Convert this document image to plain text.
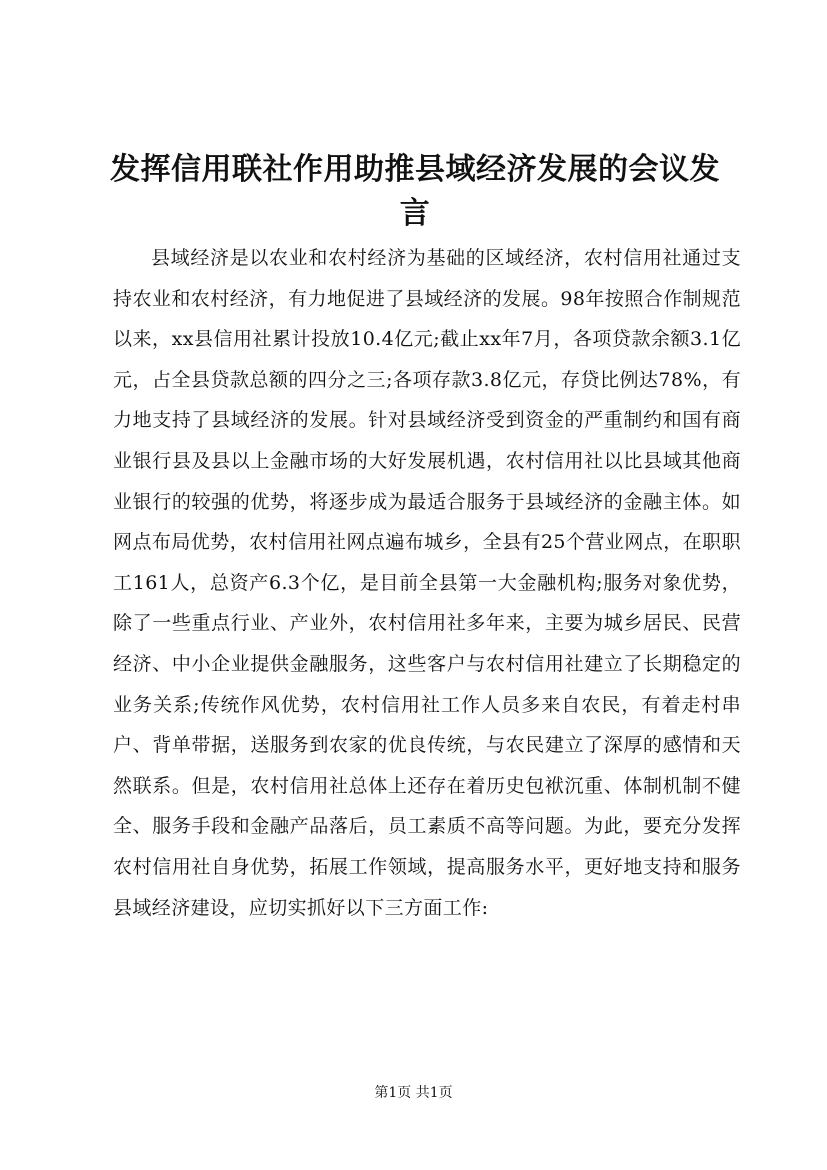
发挥信用联社作用助推县域经济发展的会议发言

县域经济是以农业和农村经济为基础的区域经济，农村信用社通过支持农业和农村经济，有力地促进了县域经济的发展。98年按照合作制规范以来，xx县信用社累计投放10.4亿元;截止xx年7月，各项贷款余额3.1亿元，占全县贷款总额的四分之三;各项存款3.8亿元，存贷比例达78%，有力地支持了县域经济的发展。针对县域经济受到资金的严重制约和国有商业银行县及县以上金融市场的大好发展机遇，农村信用社以比县域其他商业银行的较强的优势，将逐步成为最适合服务于县域经济的金融主体。如网点布局优势，农村信用社网点遍布城乡，全县有25个营业网点，在职职工161人，总资产6.3个亿，是目前全县第一大金融机构;服务对象优势，除了一些重点行业、产业外，农村信用社多年来，主要为城乡居民、民营经济、中小企业提供金融服务，这些客户与农村信用社建立了长期稳定的业务关系;传统作风优势，农村信用社工作人员多来自农民，有着走村串户、背单带据，送服务到农家的优良传统，与农民建立了深厚的感情和天然联系。但是，农村信用社总体上还存在着历史包袱沉重、体制机制不健全、服务手段和金融产品落后，员工素质不高等问题。为此，要充分发挥农村信用社自身优势，拓展工作领域，提高服务水平，更好地支持和服务县域经济建设，应切实抓好以下三方面工作:

第1页 共1页
